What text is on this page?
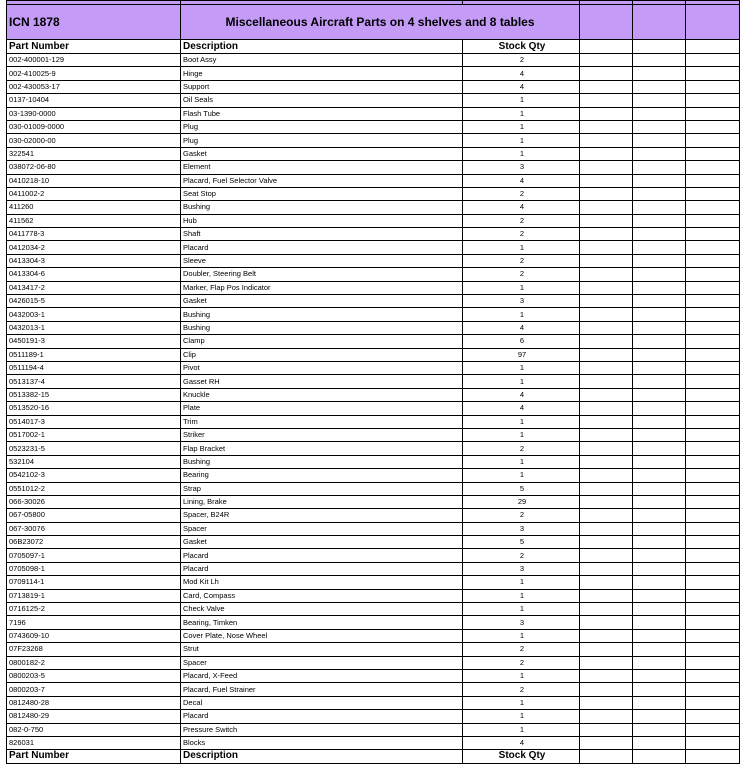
ICN 1878	Miscellaneous Aircraft Parts on 4 shelves and 8 tables				
Part Number	Description	Stock Qty			
002-400001-129	Boot Assy	2			
002-410025-9	Hinge	4			
002-430053-17	Support	4			
0137-10404	Oil Seals	1			
03-1390-0000	Flash Tube	1			
030-01009-0000	Plug	1			
030-02000-00	Plug	1			
322541	Gasket	1			
038072-06-80	Element	3			
0410218-10	Placard, Fuel Selector Valve	4			
0411002-2	Seat Stop	2			
411260	Bushing	4			
411562	Hub	2			
0411778-3	Shaft	2			
0412034-2	Placard	1			
0413304-3	Sleeve	2			
0413304-6	Doubler, Steering Belt	2			
0413417-2	Marker, Flap Pos Indicator	1			
0426015-5	Gasket	3			
0432003-1	Bushing	1			
0432013-1	Bushing	4			
0450191-3	Clamp	6			
0511189-1	Clip	97			
0511194-4	Pivot	1			
0513137-4	Gasset RH	1			
0513382-15	Knuckle	4			
0513520-16	Plate	4			
0514017-3	Trim	1			
0517002-1	Striker	1			
0523231-5	Flap Bracket	2			
532104	Bushing	1			
0542102-3	Bearing	1			
0551012-2	Strap	5			
066-30026	Lining, Brake	29			
067-05800	Spacer, B24R	2			
067-30076	Spacer	3			
06B23072	Gasket	5			
0705097-1	Placard	2			
0705098-1	Placard	3			
0709114-1	Mod Kit Lh	1			
0713819-1	Card, Compass	1			
0716125-2	Check Valve	1			
7196	Bearing, Timken	3			
0743609-10	Cover Plate, Nose Wheel	1			
07F23268	Strut	2			
0800182-2	Spacer	2			
0800203-5	Placard, X-Feed	1			
0800203-7	Placard, Fuel Strainer	2			
0812480-28	Decal	1			
0812480-29	Placard	1			
082-0-750	Pressure Switch	1			
826031	Blocks	4			
Part Number	Description	Stock Qty			
